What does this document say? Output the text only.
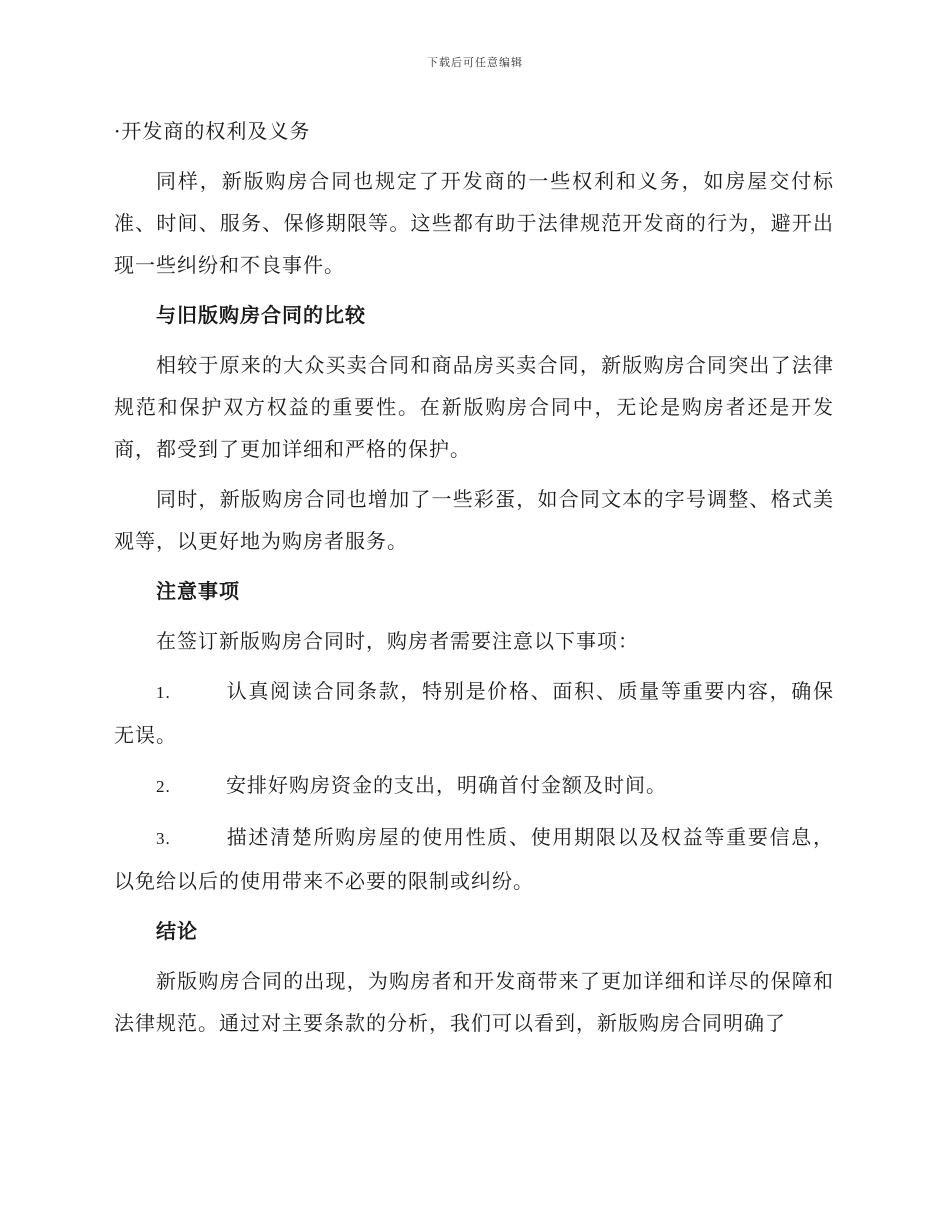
下载后可任意编辑
·开发商的权利及义务
同样，新版购房合同也规定了开发商的一些权利和义务，如房屋交付标准、时间、服务、保修期限等。这些都有助于法律规范开发商的行为，避开出现一些纠纷和不良事件。
与旧版购房合同的比较
相较于原来的大众买卖合同和商品房买卖合同，新版购房合同突出了法律规范和保护双方权益的重要性。在新版购房合同中，无论是购房者还是开发商，都受到了更加详细和严格的保护。
同时，新版购房合同也增加了一些彩蛋，如合同文本的字号调整、格式美观等，以更好地为购房者服务。
注意事项
在签订新版购房合同时，购房者需要注意以下事项：
1.	认真阅读合同条款，特别是价格、面积、质量等重要内容，确保无误。
2.	安排好购房资金的支出，明确首付金额及时间。
3.	描述清楚所购房屋的使用性质、使用期限以及权益等重要信息，以免给以后的使用带来不必要的限制或纠纷。
结论
新版购房合同的出现，为购房者和开发商带来了更加详细和详尽的保障和法律规范。通过对主要条款的分析，我们可以看到，新版购房合同明确了
